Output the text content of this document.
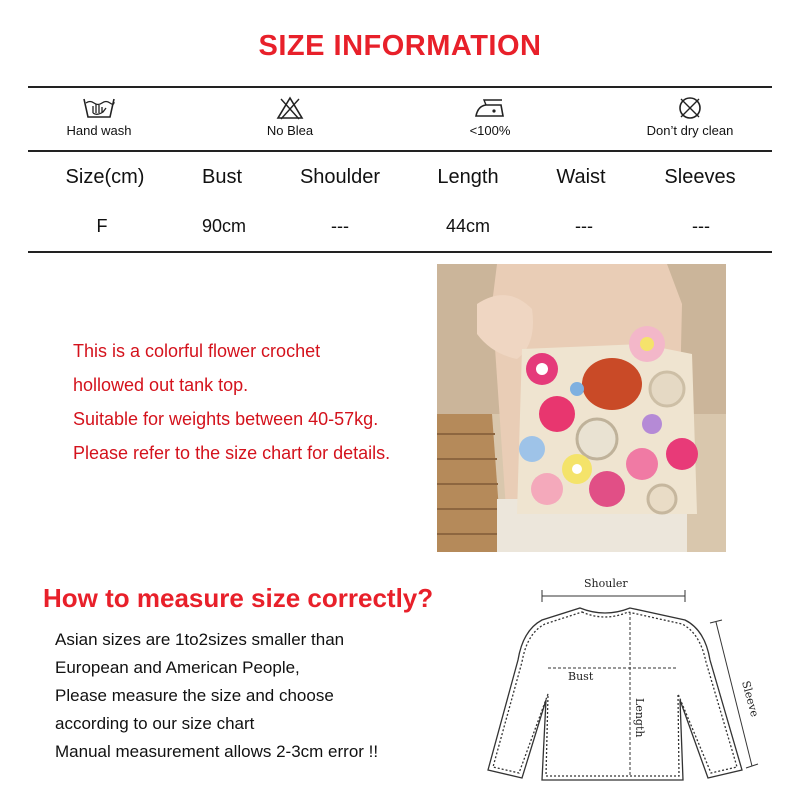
SIZE INFORMATION
Hand wash	No Blea	<100%	Don’t dry clean
Size(cm)	Bust	Shoulder	Length	Waist	Sleeves
F	90cm	---	44cm	---	---
This is a colorful flower crochet
hollowed out tank top.
Suitable for weights between 40-57kg.
Please refer to the size chart for details.
How to measure size correctly?
Asian sizes are 1to2sizes smaller than
European and American People,
Please measure the size and choose
according to our size chart
Manual measurement allows 2-3cm error !!
Shouler
Bust
Length	Sleeve
